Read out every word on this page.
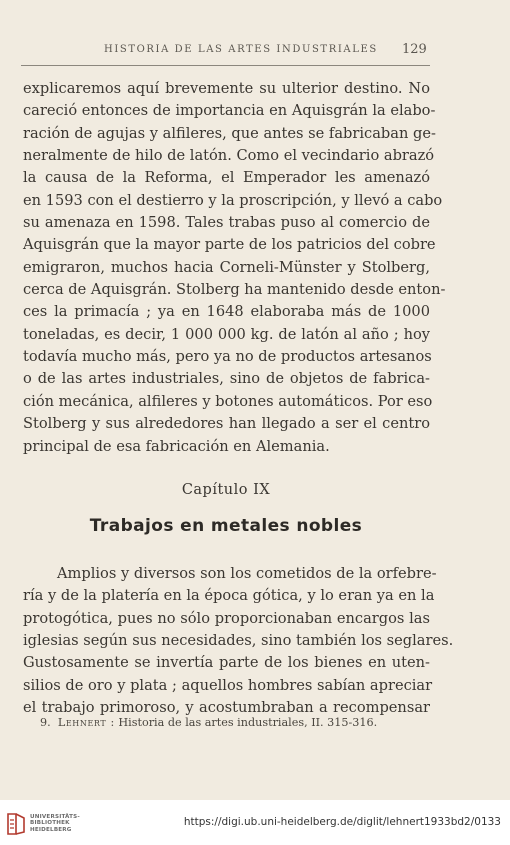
HISTORIA DE LAS ARTES INDUSTRIALES 129

explicaremos aquí brevemente su ulterior destino. No
careció entonces de importancia en Aquisgrán la elabo-
ración de agujas y alfileres, que antes se fabricaban ge-
neralmente de hilo de latón. Como el vecindario abrazó
la causa de la Reforma, el Emperador les amenazó
en 1593 con el destierro y la proscripción, y llevó a cabo
su amenaza en 1598. Tales trabas puso al comercio de
Aquisgrán que la mayor parte de los patricios del cobre
emigraron, muchos hacia Corneli-Münster y Stolberg,
cerca de Aquisgrán. Stolberg ha mantenido desde enton-
ces la primacía ; ya en 1648 elaboraba más de 1000
toneladas, es decir, 1 000 000 kg. de latón al año ; hoy
todavía mucho más, pero ya no de productos artesanos
o de las artes industriales, sino de objetos de fabrica-
ción mecánica, alfileres y botones automáticos. Por eso
Stolberg y sus alrededores han llegado a ser el centro
principal de esa fabricación en Alemania.

Capítulo IX
Trabajos en metales nobles

Amplios y diversos son los cometidos de la orfebre-
ría y de la platería en la época gótica, y lo eran ya en la
protogótica, pues no sólo proporcionaban encargos las
iglesias según sus necesidades, sino también los seglares.
Gustosamente se invertía parte de los bienes en uten-
silios de oro y plata ; aquellos hombres sabían apreciar
el trabajo primoroso, y acostumbraban a recompensar

9. Lehnert : Historia de las artes industriales, II. 315-316.
UNIVERSITÄTS-
BIBLIOTHEK
HEIDELBERG
https://digi.ub.uni-heidelberg.de/diglit/lehnert1933bd2/0133
